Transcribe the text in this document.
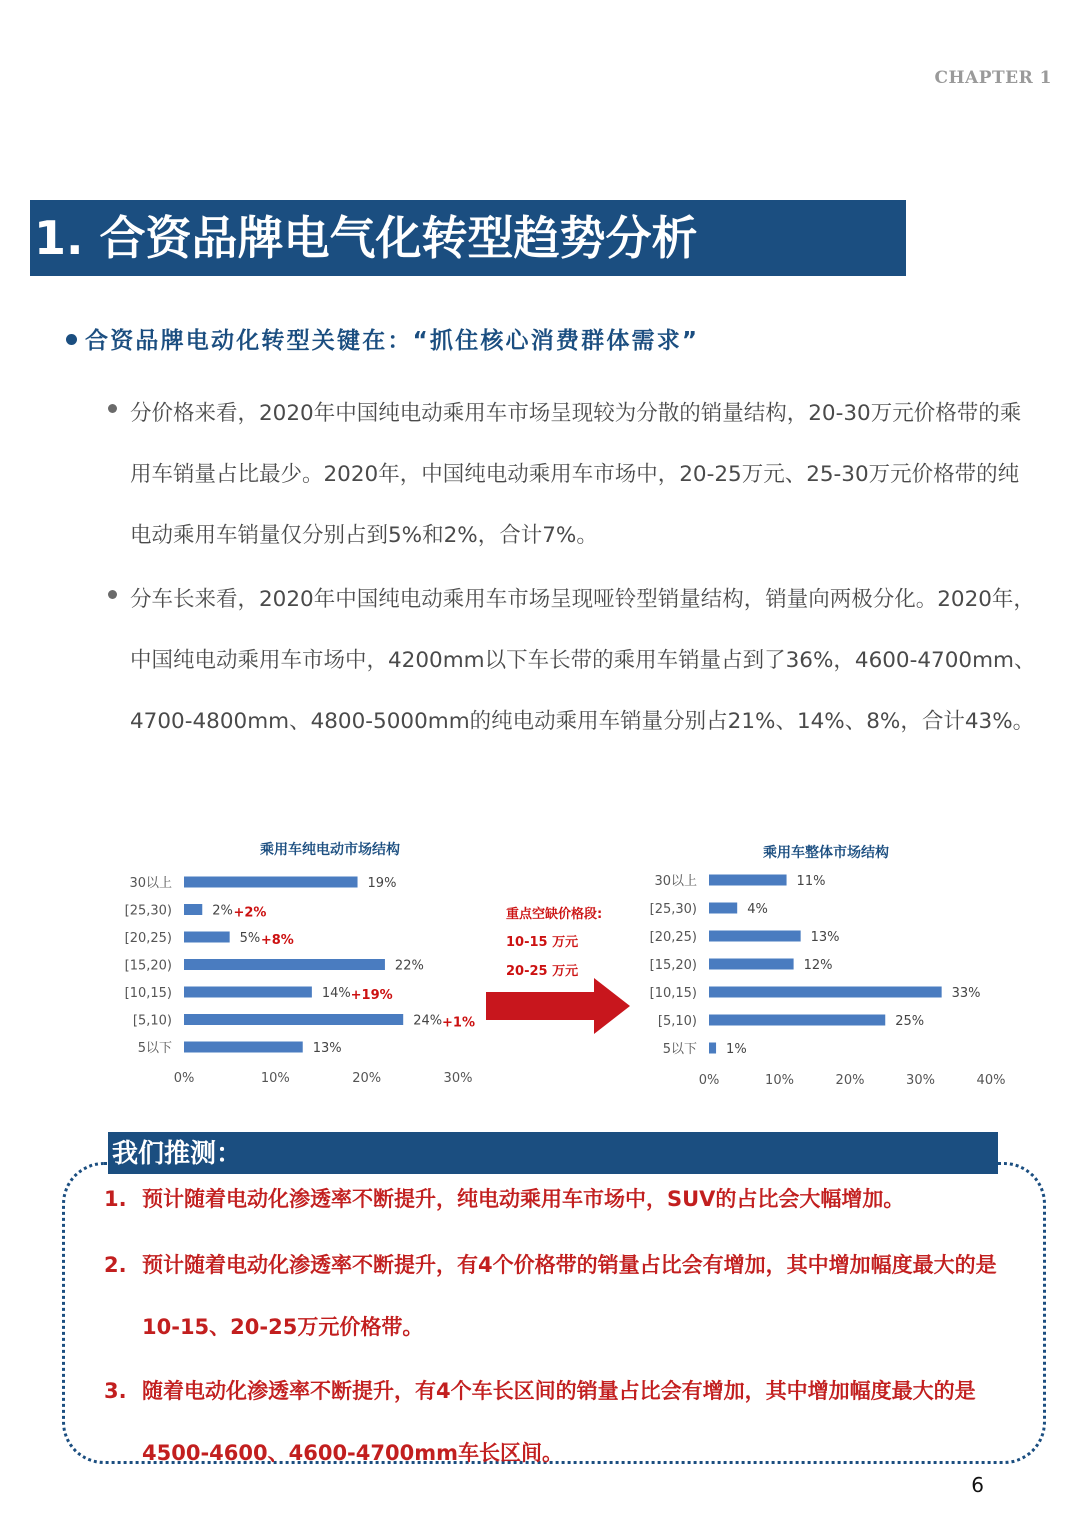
CHAPTER 1
1. 合资品牌电气化转型趋势分析
合资品牌电动化转型关键在：“抓住核心消费群体需求”
分价格来看，2020年中国纯电动乘用车市场呈现较为分散的销量结构，20-30万元价格带的乘用车销量占比最少。2020年，中国纯电动乘用车市场中，20-25万元、25-30万元价格带的纯电动乘用车销量仅分别占到5%和2%，合计7%。
分车长来看，2020年中国纯电动乘用车市场呈现哑铃型销量结构，销量向两极分化。2020年，中国纯电动乘用车市场中，4200mm以下车长带的乘用车销量占到了36%，4600-4700mm、4700-4800mm、4800-5000mm的纯电动乘用车销量分别占21%、14%、8%，合计43%。
乘用车纯电动市场结构
30以上	19%
[25,30)	2% +2%
[20,25)	5% +8%
[15,20)	22%
[10,15)	14% +19%
[5,10)	24% +1%
5以下	13%
0%	10%	20%	30%
重点空缺价格段:
10-15 万元
20-25 万元
乘用车整体市场结构
30以上	11%
[25,30)	4%
[20,25)	13%
[15,20)	12%
[10,15)	33%
[5,10)	25%
5以下 1%
0%	10%	20%	30%	40%
我们推测：
1. 预计随着电动化渗透率不断提升，纯电动乘用车市场中，SUV的占比会大幅增加。
2. 预计随着电动化渗透率不断提升，有4个价格带的销量占比会有增加，其中增加幅度最大的是10-15、20-25万元价格带。
3. 随着电动化渗透率不断提升，有4个车长区间的销量占比会有增加，其中增加幅度最大的是4500-4600、4600-4700mm车长区间。
6
